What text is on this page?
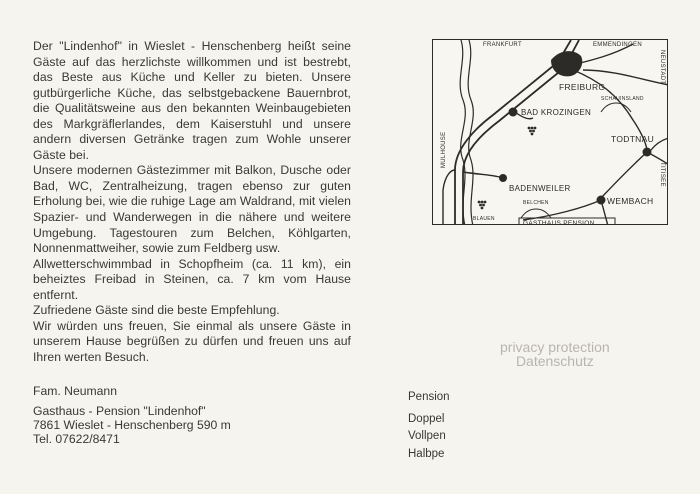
Der "Lindenhof" in Wieslet - Henschenberg heißt seine Gäste auf das herzlichste willkommen und ist bestrebt, das Beste aus Küche und Keller zu bieten. Unsere gutbürgerliche Küche, das selbstgebackene Bauernbrot, die Qualitätsweine aus den bekannten Weinbaugebieten des Markgräflerlandes, dem Kaiserstuhl und unsere andern diversen Getränke tragen zum Wohle unserer Gäste bei.

Unsere modernen Gästezimmer mit Balkon, Dusche oder Bad, WC, Zentralheizung, tragen ebenso zur guten Erholung bei, wie die ruhige Lage am Waldrand, mit vielen Spazier- und Wanderwegen in die nähere und weitere Umgebung. Tagestouren zum Belchen, Köhlgarten, Nonnenmattweiher, sowie zum Feldberg usw.

Allwetterschwimmbad in Schopfheim (ca. 11 km), ein beheiztes Freibad in Steinen, ca. 7 km vom Hause entfernt.

Zufriedene Gäste sind die beste Empfehlung.

Wir würden uns freuen, Sie einmal als unsere Gäste in unserem Hause begrüßen zu dürfen und freuen uns auf Ihren werten Besuch.

Fam. Neumann
Gasthaus - Pension "Lindenhof"
7861 Wieslet - Henschenberg 590 m
Tel. 07622/8471
FRANKFURT	EMMENDINGEN
FREIBURG
BAD KROZINGEN
SCHAUINSLAND
TODTNAU
MULHOUSE
NEUSTADT
TITISEE
BADENWEILER
WEMBACH
BELCHEN
BLAUEN
GASTHAUS PENSION
Pension
Doppel
Vollpen
Halbpe
privacy protection
Datenschutz
